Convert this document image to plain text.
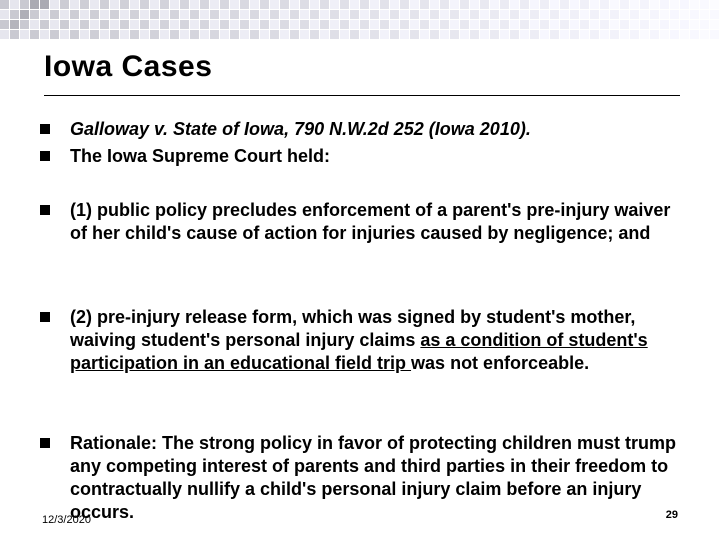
Iowa Cases
Galloway v. State of Iowa, 790 N.W.2d 252 (Iowa 2010).
The Iowa Supreme Court held:
(1) public policy precludes enforcement of a parent's pre-injury waiver of her child's cause of action for injuries caused by negligence; and
(2) pre-injury release form, which was signed by student's mother, waiving student's personal injury claims as a condition of student's participation in an educational field trip was not enforceable.
Rationale: The strong policy in favor of protecting children must trump any competing interest of parents and third parties in their freedom to contractually nullify a child's personal injury claim before an injury occurs.
12/3/2020	29
